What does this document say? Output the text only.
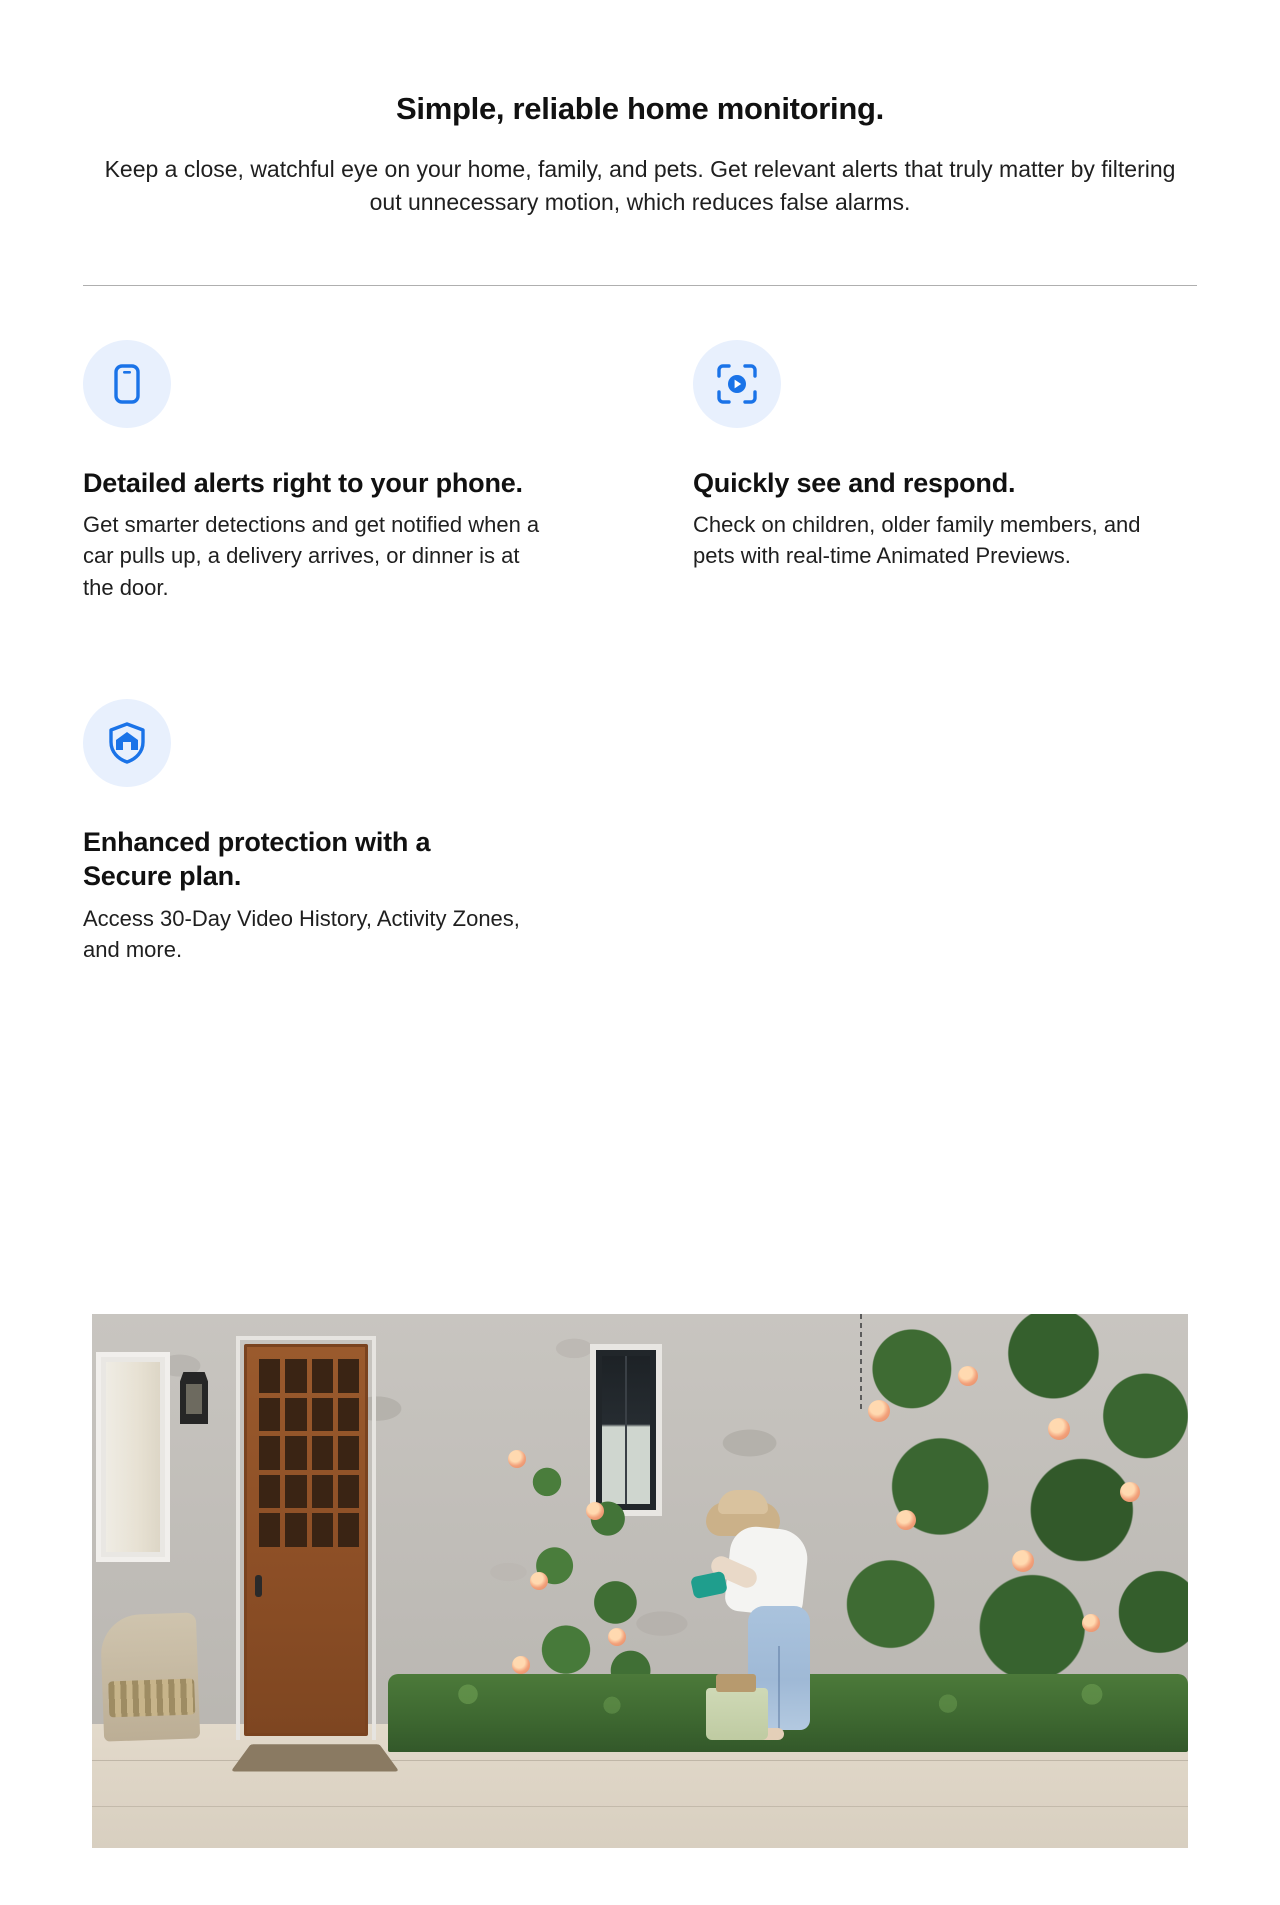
Simple, reliable home monitoring.
Keep a close, watchful eye on your home, family, and pets. Get relevant alerts that truly matter by filtering out unnecessary motion, which reduces false alarms.
Detailed alerts right to your phone.

Get smarter detections and get notified when a car pulls up, a delivery arrives, or dinner is at the door.

Quickly see and respond.

Check on children, older family members, and pets with real-time Animated Previews.

Enhanced protection with a Secure plan.

Access 30-Day Video History, Activity Zones, and more.
